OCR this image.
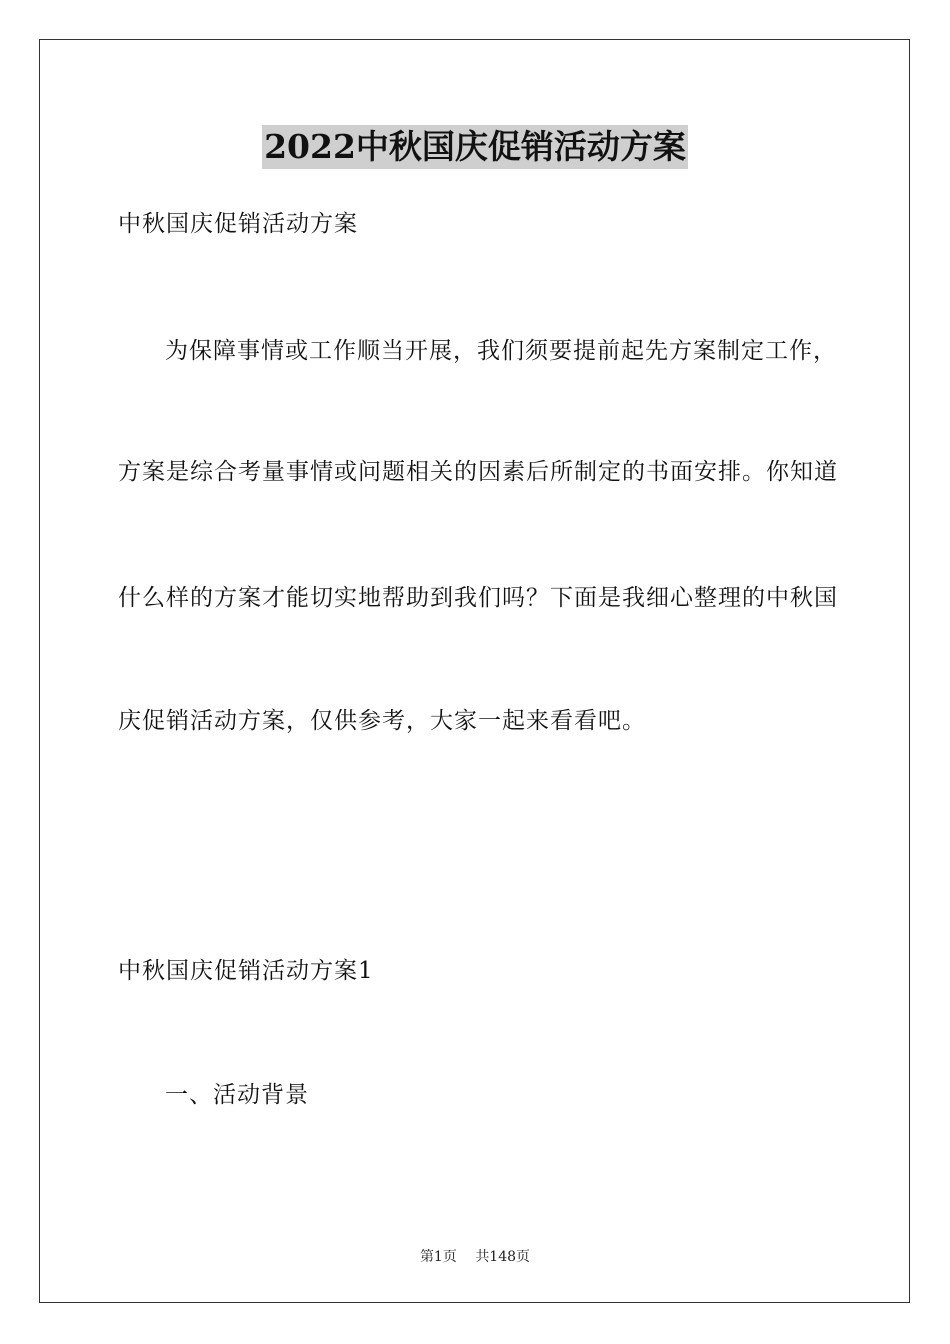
2022中秋国庆促销活动方案
中秋国庆促销活动方案
为保障事情或工作顺当开展，我们须要提前起先方案制定工作，
方案是综合考量事情或问题相关的因素后所制定的书面安排。你知道
什么样的方案才能切实地帮助到我们吗？下面是我细心整理的中秋国
庆促销活动方案，仅供参考，大家一起来看看吧。
中秋国庆促销活动方案1
一、活动背景
第1页 共148页
